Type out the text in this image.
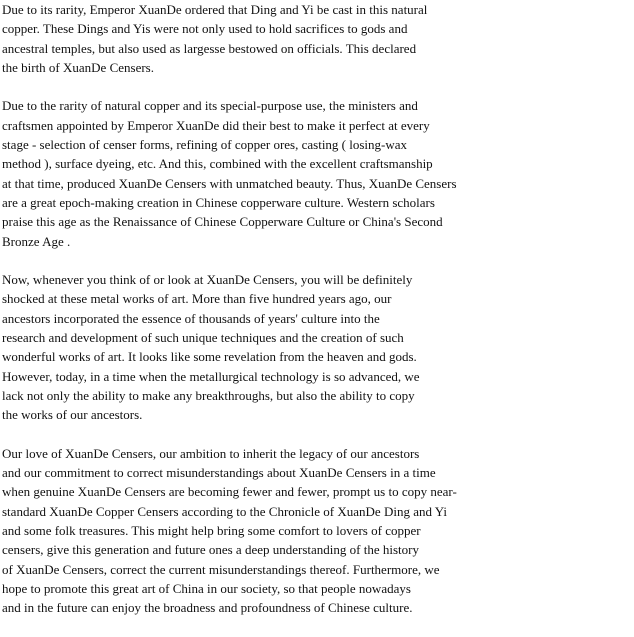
Due to its rarity, Emperor XuanDe ordered that Ding and Yi be cast in this natural
copper. These Dings and Yis were not only used to hold sacrifices to gods and
ancestral temples, but also used as largesse bestowed on officials. This declared
the birth of XuanDe Censers.
Due to the rarity of natural copper and its special-purpose use, the ministers and
craftsmen appointed by Emperor XuanDe did their best to make it perfect at every
stage - selection of censer forms, refining of copper ores, casting ( losing-wax
method ), surface dyeing, etc. And this, combined with the excellent craftsmanship
at that time, produced XuanDe Censers with unmatched beauty. Thus, XuanDe Censers
are a great epoch-making creation in Chinese copperware culture. Western scholars
praise this age as the Renaissance of Chinese Copperware Culture or China's Second
Bronze Age .
Now, whenever you think of or look at XuanDe Censers, you will be definitely
shocked at these metal works of art. More than five hundred years ago, our
ancestors incorporated the essence of thousands of years' culture into the
research and development of such unique techniques and the creation of such
wonderful works of art. It looks like some revelation from the heaven and gods.
However, today, in a time when the metallurgical technology is so advanced, we
lack not only the ability to make any breakthroughs, but also the ability to copy
the works of our ancestors.
Our love of XuanDe Censers, our ambition to inherit the legacy of our ancestors
and our commitment to correct misunderstandings about XuanDe Censers in a time
when genuine XuanDe Censers are becoming fewer and fewer, prompt us to copy near-
standard XuanDe Copper Censers according to the Chronicle of XuanDe Ding and Yi
and some folk treasures. This might help bring some comfort to lovers of copper
censers, give this generation and future ones a deep understanding of the history
of XuanDe Censers, correct the current misunderstandings thereof. Furthermore, we
hope to promote this great art of China in our society, so that people nowadays
and in the future can enjoy the broadness and profoundness of Chinese culture.
